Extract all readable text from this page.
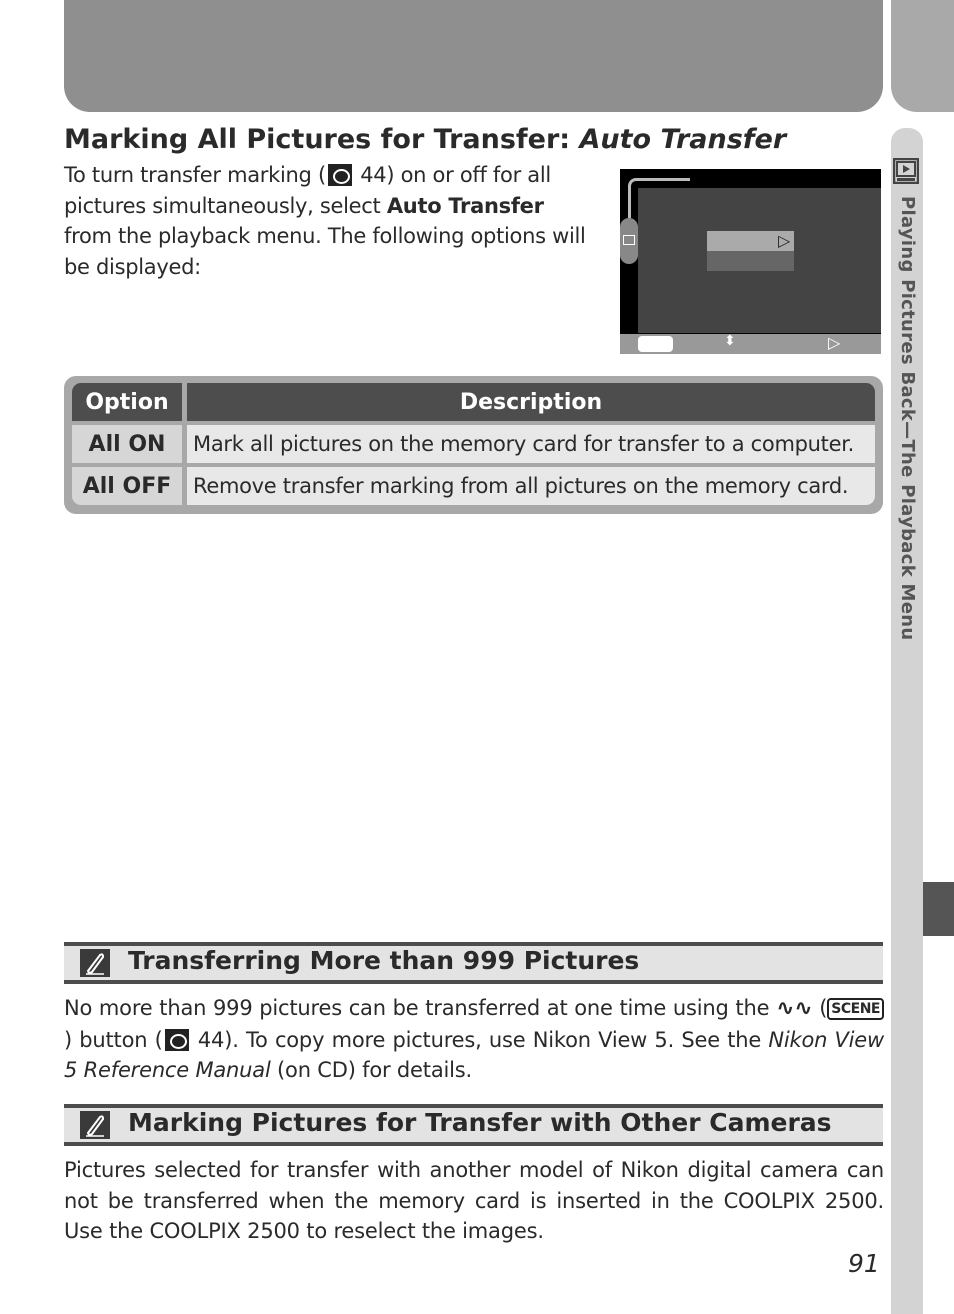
Playing Pictures Back—The Playback Menu
Marking All Pictures for Transfer: Auto Transfer

To turn transfer marking ( 44) on or off for all pictures simultaneously, select Auto Transfer from the playback menu. The following options will be displayed:

▷
⬍	▷
Option	Description
All ON	Mark all pictures on the memory card for transfer to a computer.
All OFF	Remove transfer marking from all pictures on the memory card.
Transferring More than 999 Pictures

No more than 999 pictures can be transferred at one time using the ∿∿ ( SCENE) button ( 44). To copy more pictures, use Nikon View 5. See the Nikon View 5 Reference Manual (on CD) for details.

Marking Pictures for Transfer with Other Cameras

Pictures selected for transfer with another model of Nikon digital camera can not be transferred when the memory card is inserted in the COOLPIX 2500. Use the COOLPIX 2500 to reselect the images.

91
